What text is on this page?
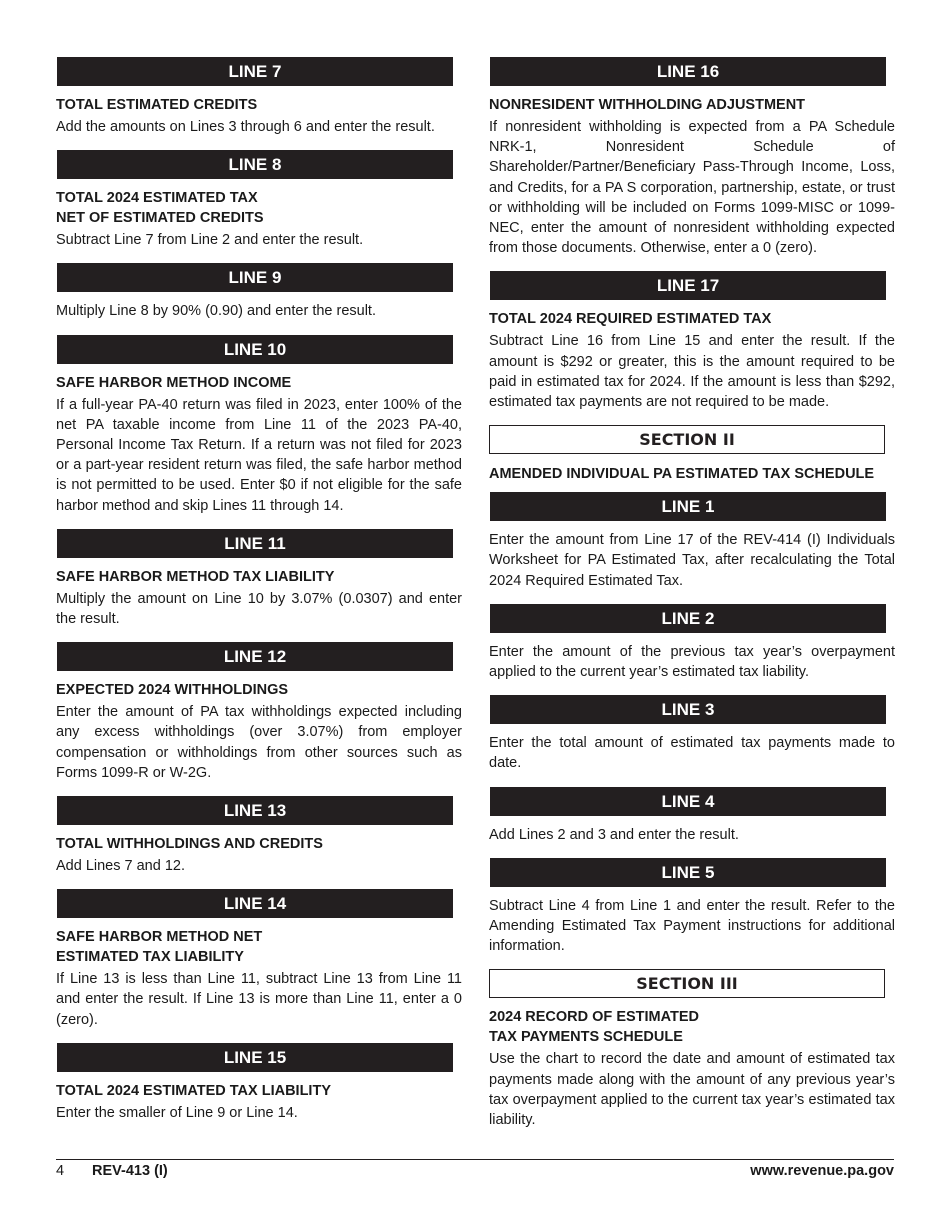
LINE 7
TOTAL ESTIMATED CREDITS
Add the amounts on Lines 3 through 6 and enter the result.
LINE 8
TOTAL 2024 ESTIMATED TAX
NET OF ESTIMATED CREDITS
Subtract Line 7 from Line 2 and enter the result.
LINE 9
Multiply Line 8 by 90% (0.90) and enter the result.
LINE 10
SAFE HARBOR METHOD INCOME
If a full-year PA-40 return was filed in 2023, enter 100% of the net PA taxable income from Line 11 of the 2023 PA-40, Personal Income Tax Return. If a return was not filed for 2023 or a part-year resident return was filed, the safe harbor method is not permitted to be used. Enter $0 if not eligible for the safe harbor method and skip Lines 11 through 14.
LINE 11
SAFE HARBOR METHOD TAX LIABILITY
Multiply the amount on Line 10 by 3.07% (0.0307) and enter the result.
LINE 12
EXPECTED 2024 WITHHOLDINGS
Enter the amount of PA tax withholdings expected including any excess withholdings (over 3.07%) from employer compensation or withholdings from other sources such as Forms 1099-R or W-2G.
LINE 13
TOTAL WITHHOLDINGS AND CREDITS
Add Lines 7 and 12.
LINE 14
SAFE HARBOR METHOD NET
ESTIMATED TAX LIABILITY
If Line 13 is less than Line 11, subtract Line 13 from Line 11 and enter the result. If Line 13 is more than Line 11, enter a 0 (zero).
LINE 15
TOTAL 2024 ESTIMATED TAX LIABILITY
Enter the smaller of Line 9 or Line 14.
LINE 16
NONRESIDENT WITHHOLDING ADJUSTMENT
If nonresident withholding is expected from a PA Schedule NRK-1, Nonresident Schedule of Shareholder/Partner/Beneficiary Pass-Through Income, Loss, and Credits, for a PA S corporation, partnership, estate, or trust or withholding will be included on Forms 1099-MISC or 1099-NEC, enter the amount of nonresident withholding expected from those documents. Otherwise, enter a 0 (zero).
LINE 17
TOTAL 2024 REQUIRED ESTIMATED TAX
Subtract Line 16 from Line 15 and enter the result. If the amount is $292 or greater, this is the amount required to be paid in estimated tax for 2024. If the amount is less than $292, estimated tax payments are not required to be made.
SECTION II
AMENDED INDIVIDUAL PA ESTIMATED TAX SCHEDULE
LINE 1
Enter the amount from Line 17 of the REV-414 (I) Individuals Worksheet for PA Estimated Tax, after recalculating the Total 2024 Required Estimated Tax.
LINE 2
Enter the amount of the previous tax year’s overpayment applied to the current year’s estimated tax liability.
LINE 3
Enter the total amount of estimated tax payments made to date.
LINE 4
Add Lines 2 and 3 and enter the result.
LINE 5
Subtract Line 4 from Line 1 and enter the result. Refer to the Amending Estimated Tax Payment instructions for additional information.
SECTION III
2024 RECORD OF ESTIMATED
TAX PAYMENTS SCHEDULE
Use the chart to record the date and amount of estimated tax payments made along with the amount of any previous year’s tax overpayment applied to the current tax year’s estimated tax liability.
4 REV-413 (I)	www.revenue.pa.gov
